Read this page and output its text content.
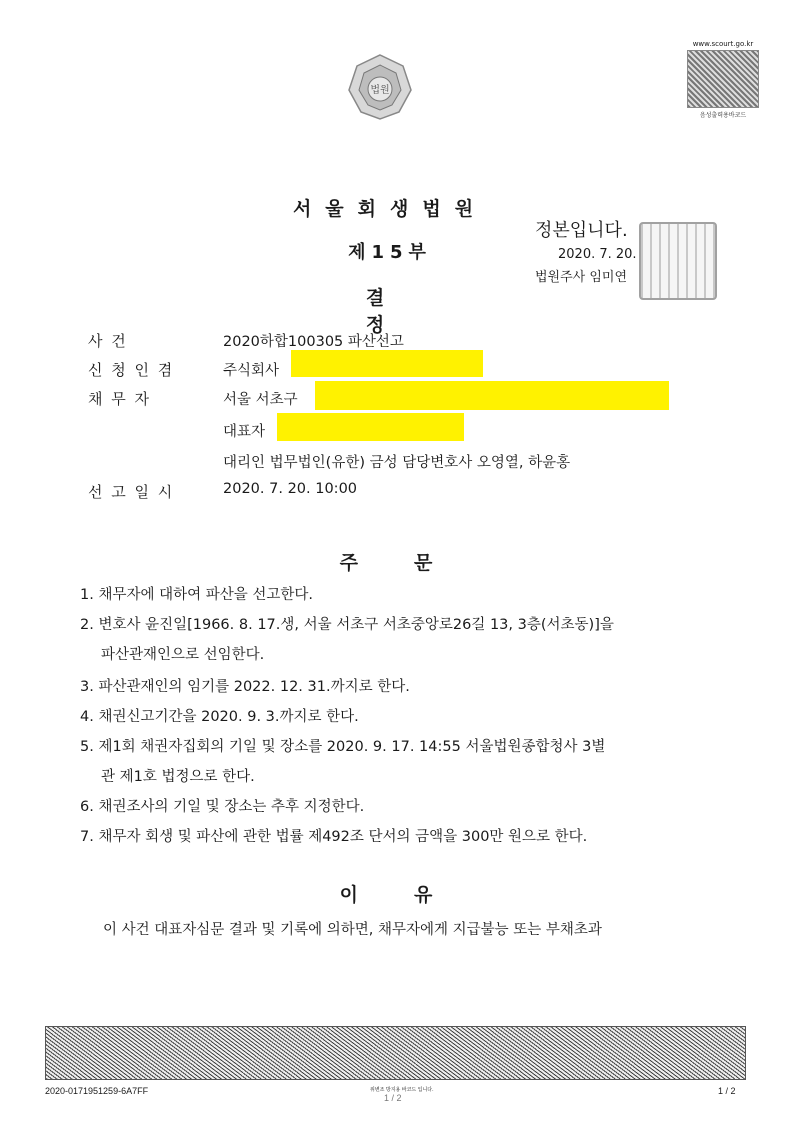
법원
www.scourt.go.kr
음성출력용바코드
서울회생법원
제15부
결정
정본입니다.
2020. 7. 20.
법원주사 임미연
사 건	2020하합100305 파산선고
신 청 인 겸	주식회사
채 무 자	서울 서초구
대표자
대리인 법무법인(유한) 금성 담당변호사 오영열, 하윤홍
선 고 일 시	2020. 7. 20. 10:00
주문
1. 채무자에 대하여 파산을 선고한다.
2. 변호사 윤진일[1966. 8. 17.생, 서울 서초구 서초중앙로26길 13, 3층(서초동)]을
파산관재인으로 선임한다.
3. 파산관재인의 임기를 2022. 12. 31.까지로 한다.
4. 채권신고기간을 2020. 9. 3.까지로 한다.
5. 제1회 채권자집회의 기일 및 장소를 2020. 9. 17. 14:55 서울법원종합청사 3별
관 제1호 법정으로 한다.
6. 채권조사의 기일 및 장소는 추후 지정한다.
7. 채무자 회생 및 파산에 관한 법률 제492조 단서의 금액을 300만 원으로 한다.
이유
이 사건 대표자심문 결과 및 기록에 의하면, 채무자에게 지급불능 또는 부채초과
2020-0171951259-6A7FF	위변조 방지용 바코드 입니다.
1 / 2
1 / 2
